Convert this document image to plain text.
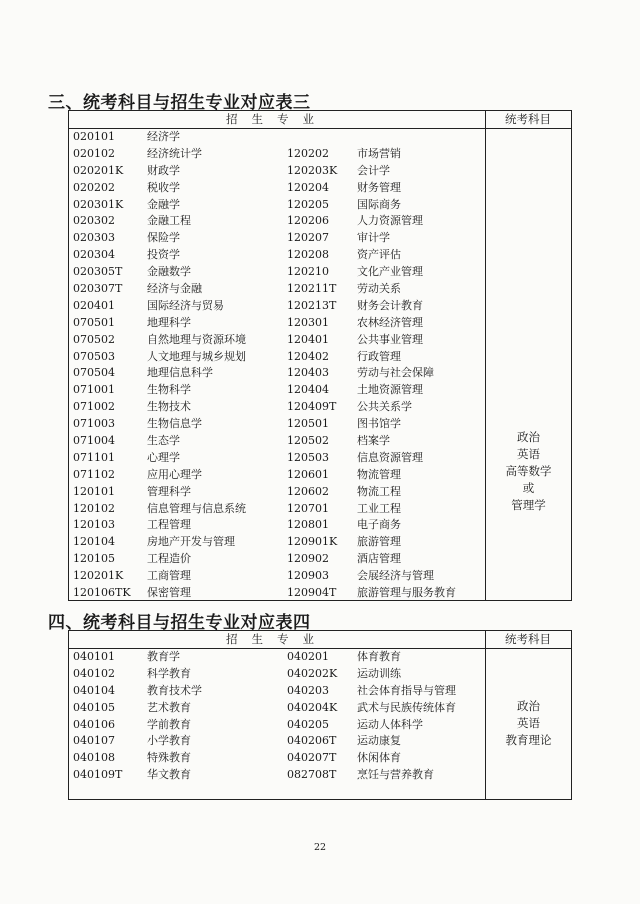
三、统考科目与招生专业对应表三
招生专业	统考科目
020101	经济学
020102	经济统计学	120202	市场营销
020201K 财政学	120203K 会计学
020202	税收学	120204	财务管理
020301K 金融学	120205	国际商务
020302	金融工程	120206	人力资源管理
020303	保险学	120207	审计学
020304	投资学	120208	资产评估
020305T 金融数学	120210	文化产业管理
020307T 经济与金融	120211T 劳动关系
020401	国际经济与贸易	120213T 财务会计教育
070501	地理科学	120301	农林经济管理
070502	自然地理与资源环境	120401	公共事业管理
070503	人文地理与城乡规划	120402	行政管理
070504	地理信息科学	120403	劳动与社会保障
071001	生物科学	120404	土地资源管理
071002	生物技术	120409T 公共关系学
071003	生物信息学	120501	图书馆学
071004	生态学	120502	档案学
071101	心理学	120503	信息资源管理
071102	应用心理学	120601	物流管理
120101	管理科学	120602	物流工程
120102	信息管理与信息系统	120701	工业工程
120103	工程管理	120801	电子商务
120104	房地产开发与管理	120901K 旅游管理
120105	工程造价	120902	酒店管理
120201K 工商管理	120903	会展经济与管理
120106TK 保密管理	120904T 旅游管理与服务教育
政治
英语
高等数学
或
管理学
四、统考科目与招生专业对应表四
招生专业	统考科目
040101	教育学	040201	体育教育
040102	科学教育	040202K 运动训练
040104	教育技术学	040203	社会体育指导与管理
040105	艺术教育	040204K 武术与民族传统体育
040106	学前教育	040205	运动人体科学
040107	小学教育	040206T 运动康复
040108	特殊教育	040207T 休闲体育
040109T 华文教育	082708T 烹饪与营养教育
政治
英语
教育理论
22
